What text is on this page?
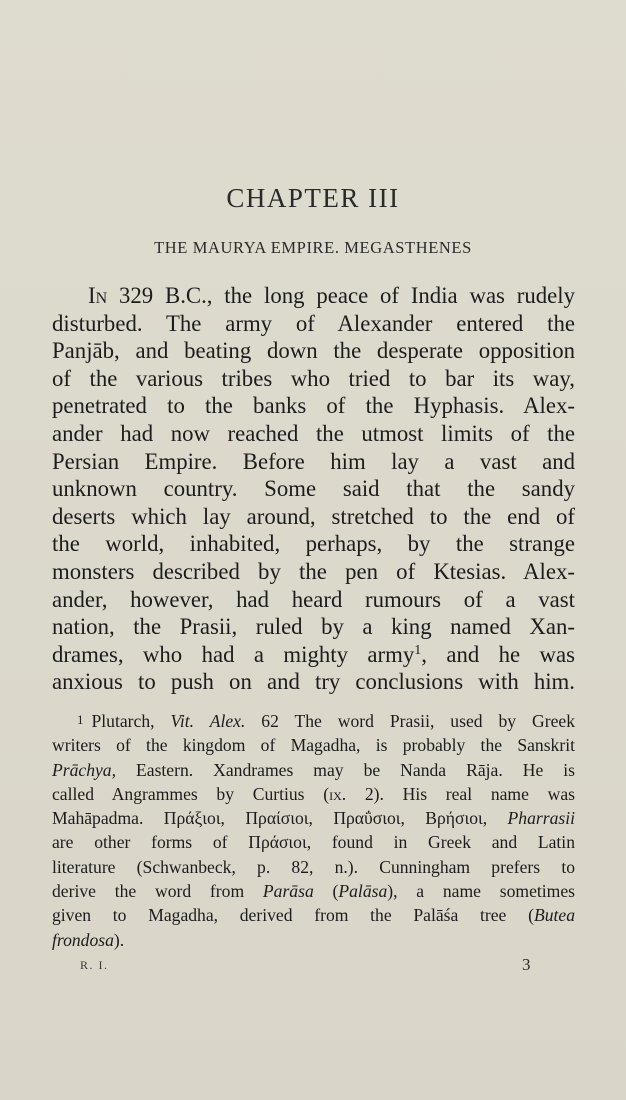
CHAPTER III
THE MAURYA EMPIRE. MEGASTHENES
In 329 B.C., the long peace of India was rudely
disturbed. The army of Alexander entered the
Panjāb, and beating down the desperate opposition
of the various tribes who tried to bar its way,
penetrated to the banks of the Hyphasis. Alex-
ander had now reached the utmost limits of the
Persian Empire. Before him lay a vast and
unknown country. Some said that the sandy
deserts which lay around, stretched to the end of
the world, inhabited, perhaps, by the strange
monsters described by the pen of Ktesias. Alex-
ander, however, had heard rumours of a vast
nation, the Prasii, ruled by a king named Xan-
drames, who had a mighty army$^1$, and he was
anxious to push on and try conclusions with him.
1 Plutarch, Vit. Alex. 62 The word Prasii, used by Greek
writers of the kingdom of Magadha, is probably the Sanskrit
Prāchya, Eastern. Xandrames may be Nanda Rāja. He is
called Angrammes by Curtius (ix. 2). His real name was
Mahāpadma. Πράξιοι, Πραίσιοι, Πραΰσιοι, Βρήσιοι, Pharrasii
are other forms of Πράσιοι, found in Greek and Latin
literature (Schwanbeck, p. 82, n.). Cunningham prefers to
derive the word from Parāsa (Palāsa), a name sometimes
given to Magadha, derived from the Palāśa tree (Butea
frondosa).
R. I.	3
